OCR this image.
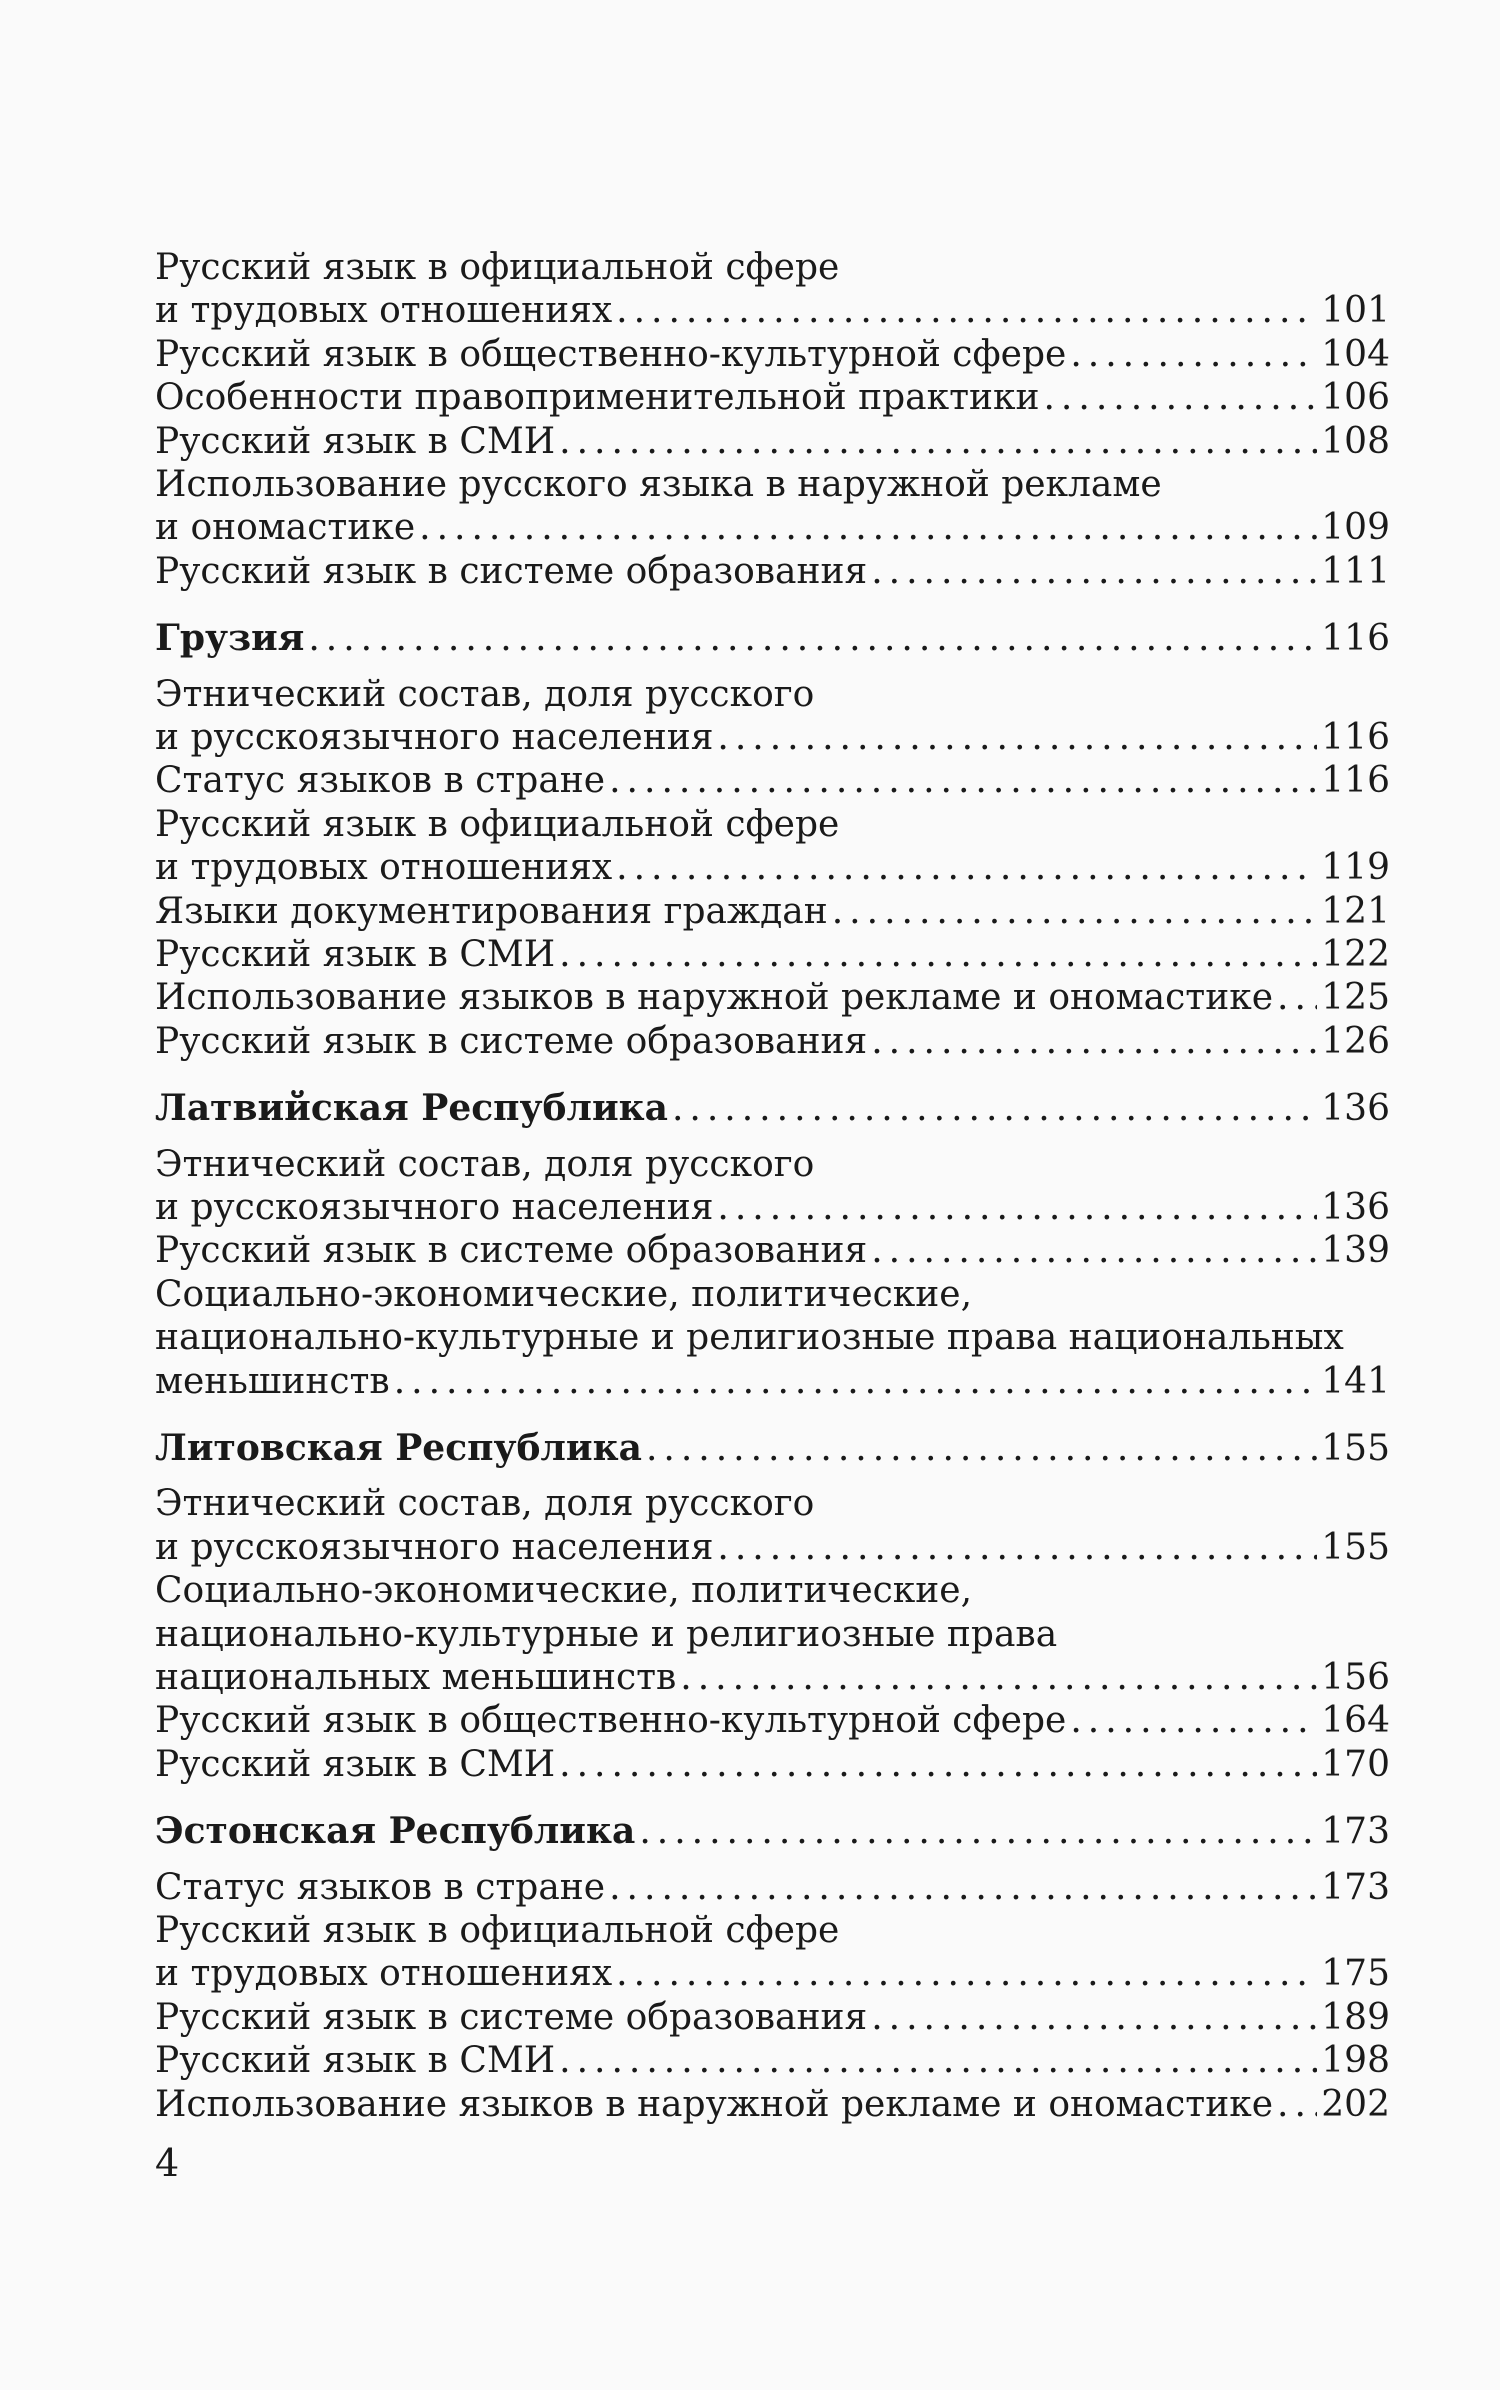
Русский язык в официальной сфере
и трудовых отношениях .....	101
Русский язык в общественно-культурной сфере .....	104
Особенности правоприменительной практики .....	106
Русский язык в СМИ .....	108
Использование русского языка в наружной рекламе
и ономастике .....	109
Русский язык в системе образования .....	111
Грузия .....	116
Этнический состав, доля русского
и русскоязычного населения .....	116
Статус языков в стране .....	116
Русский язык в официальной сфере
и трудовых отношениях .....	119
Языки документирования граждан .....	121
Русский язык в СМИ .....	122
Использование языков в наружной рекламе и ономастике ..... 125
Русский язык в системе образования .....	126
Латвийская Республика .....	136
Этнический состав, доля русского
и русскоязычного населения .....	136
Русский язык в системе образования .....	139
Социально-экономические, политические,
национально-культурные и религиозные права национальных
меньшинств .....	141
Литовская Республика .....	155
Этнический состав, доля русского
и русскоязычного населения .....	155
Социально-экономические, политические,
национально-культурные и религиозные права
национальных меньшинств .....	156
Русский язык в общественно-культурной сфере .....	164
Русский язык в СМИ .....	170
Эстонская Республика .....	173
Статус языков в стране .....	173
Русский язык в официальной сфере
и трудовых отношениях .....	175
Русский язык в системе образования .....	189
Русский язык в СМИ .....	198
Использование языков в наружной рекламе и ономастике ..... 202
4
